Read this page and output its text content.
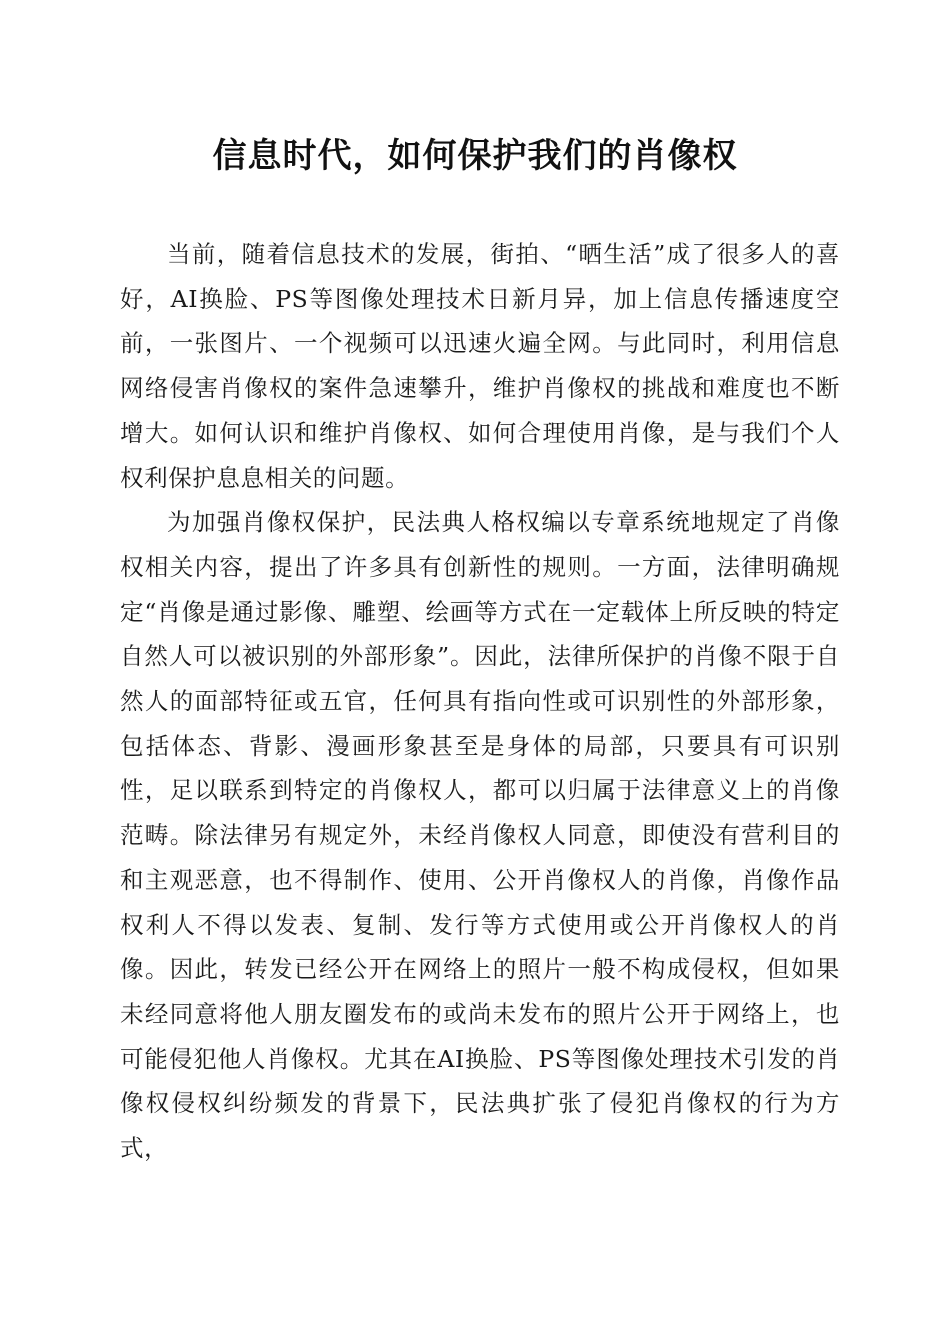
信息时代，如何保护我们的肖像权

当前，随着信息技术的发展，街拍、“晒生活”成了很多人的喜好，AI换脸、PS等图像处理技术日新月异，加上信息传播速度空前，一张图片、一个视频可以迅速火遍全网。与此同时，利用信息网络侵害肖像权的案件急速攀升，维护肖像权的挑战和难度也不断增大。如何认识和维护肖像权、如何合理使用肖像，是与我们个人权利保护息息相关的问题。

为加强肖像权保护，民法典人格权编以专章系统地规定了肖像权相关内容，提出了许多具有创新性的规则。一方面，法律明确规定“肖像是通过影像、雕塑、绘画等方式在一定载体上所反映的特定自然人可以被识别的外部形象”。因此，法律所保护的肖像不限于自然人的面部特征或五官，任何具有指向性或可识别性的外部形象，包括体态、背影、漫画形象甚至是身体的局部，只要具有可识别性，足以联系到特定的肖像权人，都可以归属于法律意义上的肖像范畴。除法律另有规定外，未经肖像权人同意，即使没有营利目的和主观恶意，也不得制作、使用、公开肖像权人的肖像，肖像作品权利人不得以发表、复制、发行等方式使用或公开肖像权人的肖像。因此，转发已经公开在网络上的照片一般不构成侵权，但如果未经同意将他人朋友圈发布的或尚未发布的照片公开于网络上，也可能侵犯他人肖像权。尤其在AI换脸、PS等图像处理技术引发的肖像权侵权纠纷频发的背景下，民法典扩张了侵犯肖像权的行为方式，
